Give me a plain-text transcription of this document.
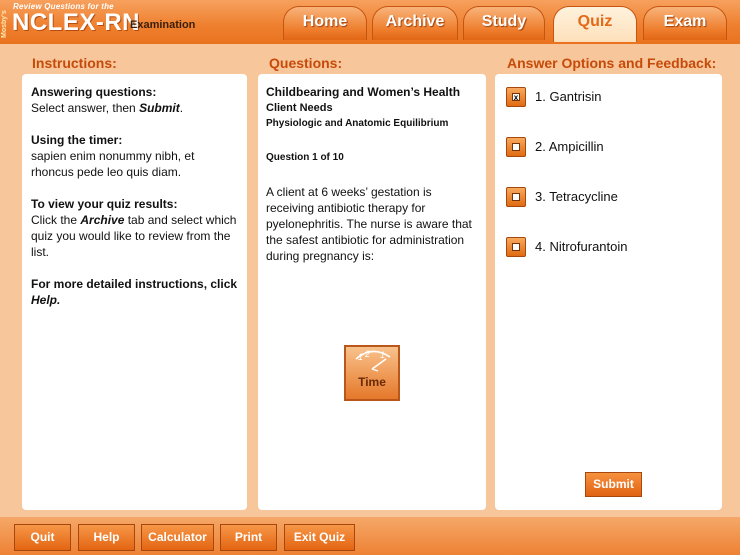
Mosby's
Review Questions for the
NCLEX-RN
Examination	Home	Archive	Study	Quiz	Exam
Instructions:	Questions:	Answer Options and Feedback:
Answering questions:
Select answer, then Submit.
Using the timer:
sapien enim nonummy nibh, et rhoncus pede leo quis diam.
To view your quiz results:
Click the Archive tab and select which quiz you would like to review from the list.
For more detailed instructions, click Help.
Childbearing and Women’s Health
Client Needs
Physiologic and Anatomic Equilibrium
Question 1 of 10
A client at 6 weeks’ gestation is receiving antibiotic therapy for pyelonephritis. The nurse is aware that the safest antibiotic for administration during pregnancy is:
1 2 1
Time
x 1. Gantrisin
2. Ampicillin
3. Tetracycline
4. Nitrofurantoin
Submit
Quit	Help	Calculator	Print	Exit Quiz
